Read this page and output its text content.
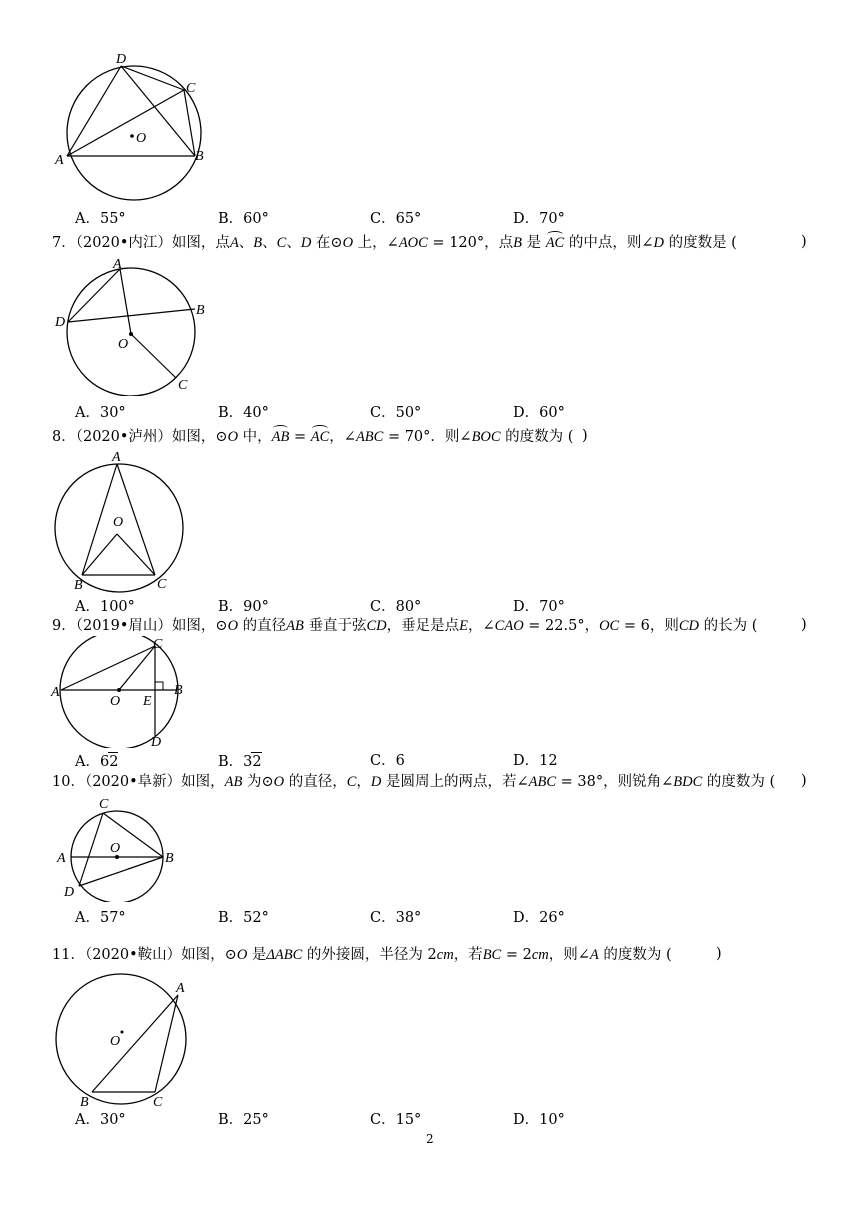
D
C
A	B
O
A．55°	B．60°	C．65°	D．70°
7．（2020•内江）如图，点A、B、C、D 在⊙O 上，∠AOC = 120°，点B 是 AC 的中点，则∠D 的度数是 (	)
A
B
D
O
C
A．30°	B．40°	C．50°	D．60°
8．（2020•泸州）如图，⊙O 中，AB = AC，∠ABC = 70°．则∠BOC 的度数为 ( )
A
O
B	C
A．100°	B．90°	C．80°	D．70°
9．（2019•眉山）如图，⊙O 的直径AB 垂直于弦CD，垂足是点E，∠CAO = 22.5°，OC = 6，则CD 的长为 (	)
C
A	B
O E
D
A．62	B．32	C．6	D．12
10．（2020•阜新）如图，AB 为⊙O 的直径，C，D 是圆周上的两点，若∠ABC = 38°，则锐角∠BDC 的度数为 ( )
C
O
A	B
D
A．57°	B．52°	C．38°	D．26°
11．（2020•鞍山）如图，⊙O 是ΔABC 的外接圆，半径为 2cm，若BC = 2cm，则∠A 的度数为 (	)
A
O
B	C
A．30°	B．25°	C．15°	D．10°
2
